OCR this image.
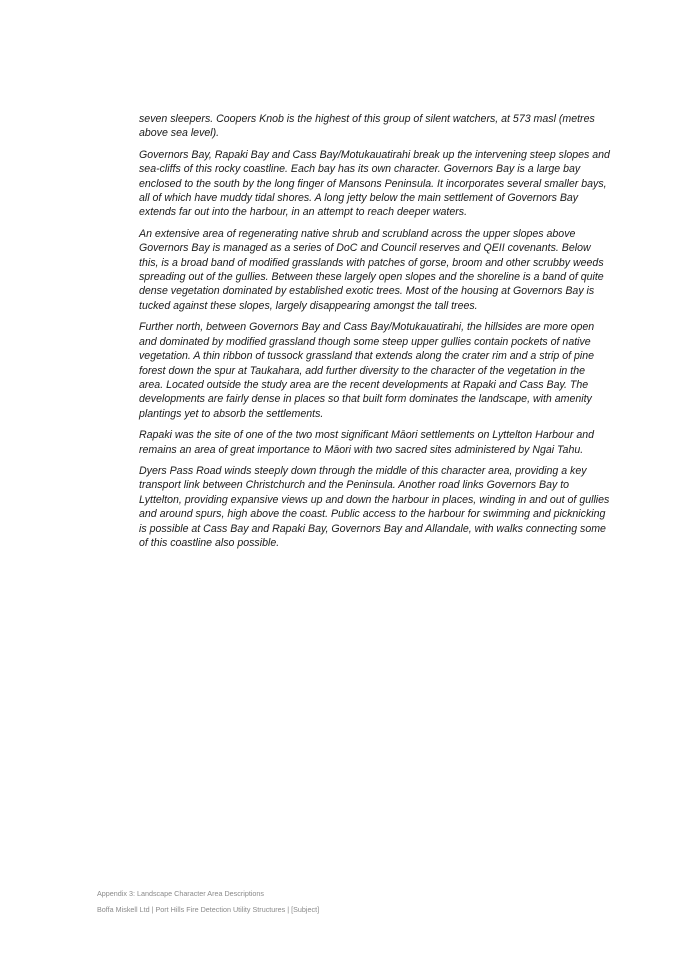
seven sleepers. Coopers Knob is the highest of this group of silent watchers, at 573 masl (metres above sea level).

Governors Bay, Rapaki Bay and Cass Bay/Motukauatirahi break up the intervening steep slopes and sea-cliffs of this rocky coastline. Each bay has its own character. Governors Bay is a large bay enclosed to the south by the long finger of Mansons Peninsula. It incorporates several smaller bays, all of which have muddy tidal shores. A long jetty below the main settlement of Governors Bay extends far out into the harbour, in an attempt to reach deeper waters.

An extensive area of regenerating native shrub and scrubland across the upper slopes above Governors Bay is managed as a series of DoC and Council reserves and QEII covenants. Below this, is a broad band of modified grasslands with patches of gorse, broom and other scrubby weeds spreading out of the gullies. Between these largely open slopes and the shoreline is a band of quite dense vegetation dominated by established exotic trees. Most of the housing at Governors Bay is tucked against these slopes, largely disappearing amongst the tall trees.

Further north, between Governors Bay and Cass Bay/Motukauatirahi, the hillsides are more open and dominated by modified grassland though some steep upper gullies contain pockets of native vegetation. A thin ribbon of tussock grassland that extends along the crater rim and a strip of pine forest down the spur at Taukahara, add further diversity to the character of the vegetation in the area. Located outside the study area are the recent developments at Rapaki and Cass Bay. The developments are fairly dense in places so that built form dominates the landscape, with amenity plantings yet to absorb the settlements.

Rapaki was the site of one of the two most significant Māori settlements on Lyttelton Harbour and remains an area of great importance to Māori with two sacred sites administered by Ngai Tahu.

Dyers Pass Road winds steeply down through the middle of this character area, providing a key transport link between Christchurch and the Peninsula. Another road links Governors Bay to Lyttelton, providing expansive views up and down the harbour in places, winding in and out of gullies and around spurs, high above the coast. Public access to the harbour for swimming and picknicking is possible at Cass Bay and Rapaki Bay, Governors Bay and Allandale, with walks connecting some of this coastline also possible.

Appendix 3: Landscape Character Area Descriptions
Boffa Miskell Ltd | Port Hills Fire Detection Utility Structures | [Subject]
